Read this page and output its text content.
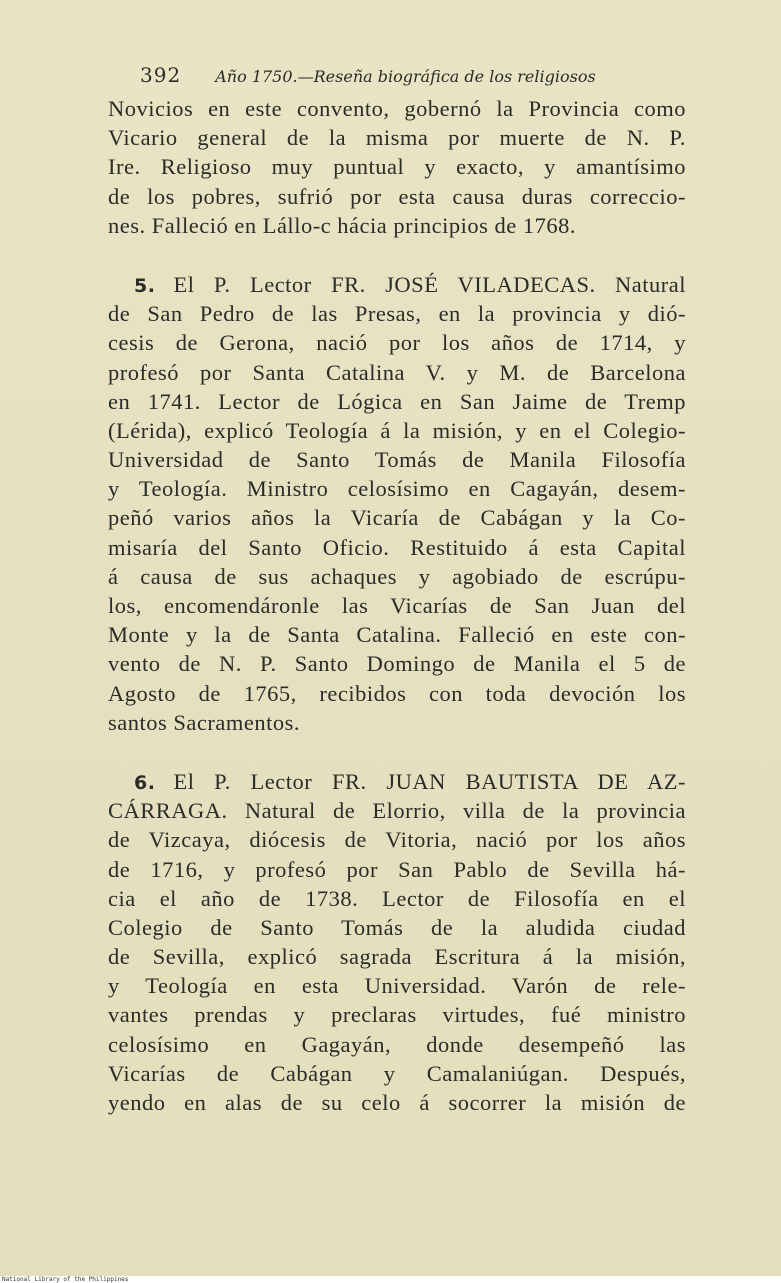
392 Año 1750.—Reseña biográfica de los religiosos
Novicios en este convento, gobernó la Provincia como
Vicario general de la misma por muerte de N. P.
Ire. Religioso muy puntual y exacto, y amantísimo
de los pobres, sufrió por esta causa duras correccio-
nes. Falleció en Lállo-c hácia principios de 1768.
5. El P. Lector FR. JOSÉ VILADECAS. Natural
de San Pedro de las Presas, en la provincia y dió-
cesis de Gerona, nació por los años de 1714, y
profesó por Santa Catalina V. y M. de Barcelona
en 1741. Lector de Lógica en San Jaime de Tremp
(Lérida), explicó Teología á la misión, y en el Colegio-
Universidad de Santo Tomás de Manila Filosofía
y Teología. Ministro celosísimo en Cagayán, desem-
peñó varios años la Vicaría de Cabágan y la Co-
misaría del Santo Oficio. Restituido á esta Capital
á causa de sus achaques y agobiado de escrúpu-
los, encomendáronle las Vicarías de San Juan del
Monte y la de Santa Catalina. Falleció en este con-
vento de N. P. Santo Domingo de Manila el 5 de
Agosto de 1765, recibidos con toda devoción los
santos Sacramentos.
6. El P. Lector FR. JUAN BAUTISTA DE AZ-
CÁRRAGA. Natural de Elorrio, villa de la provincia
de Vizcaya, diócesis de Vitoria, nació por los años
de 1716, y profesó por San Pablo de Sevilla há-
cia el año de 1738. Lector de Filosofía en el
Colegio de Santo Tomás de la aludida ciudad
de Sevilla, explicó sagrada Escritura á la misión,
y Teología en esta Universidad. Varón de rele-
vantes prendas y preclaras virtudes, fué ministro
celosísimo en Gagayán, donde desempeñó las
Vicarías de Cabágan y Camalaniúgan. Después,
yendo en alas de su celo á socorrer la misión de
National Library of the Philippines
